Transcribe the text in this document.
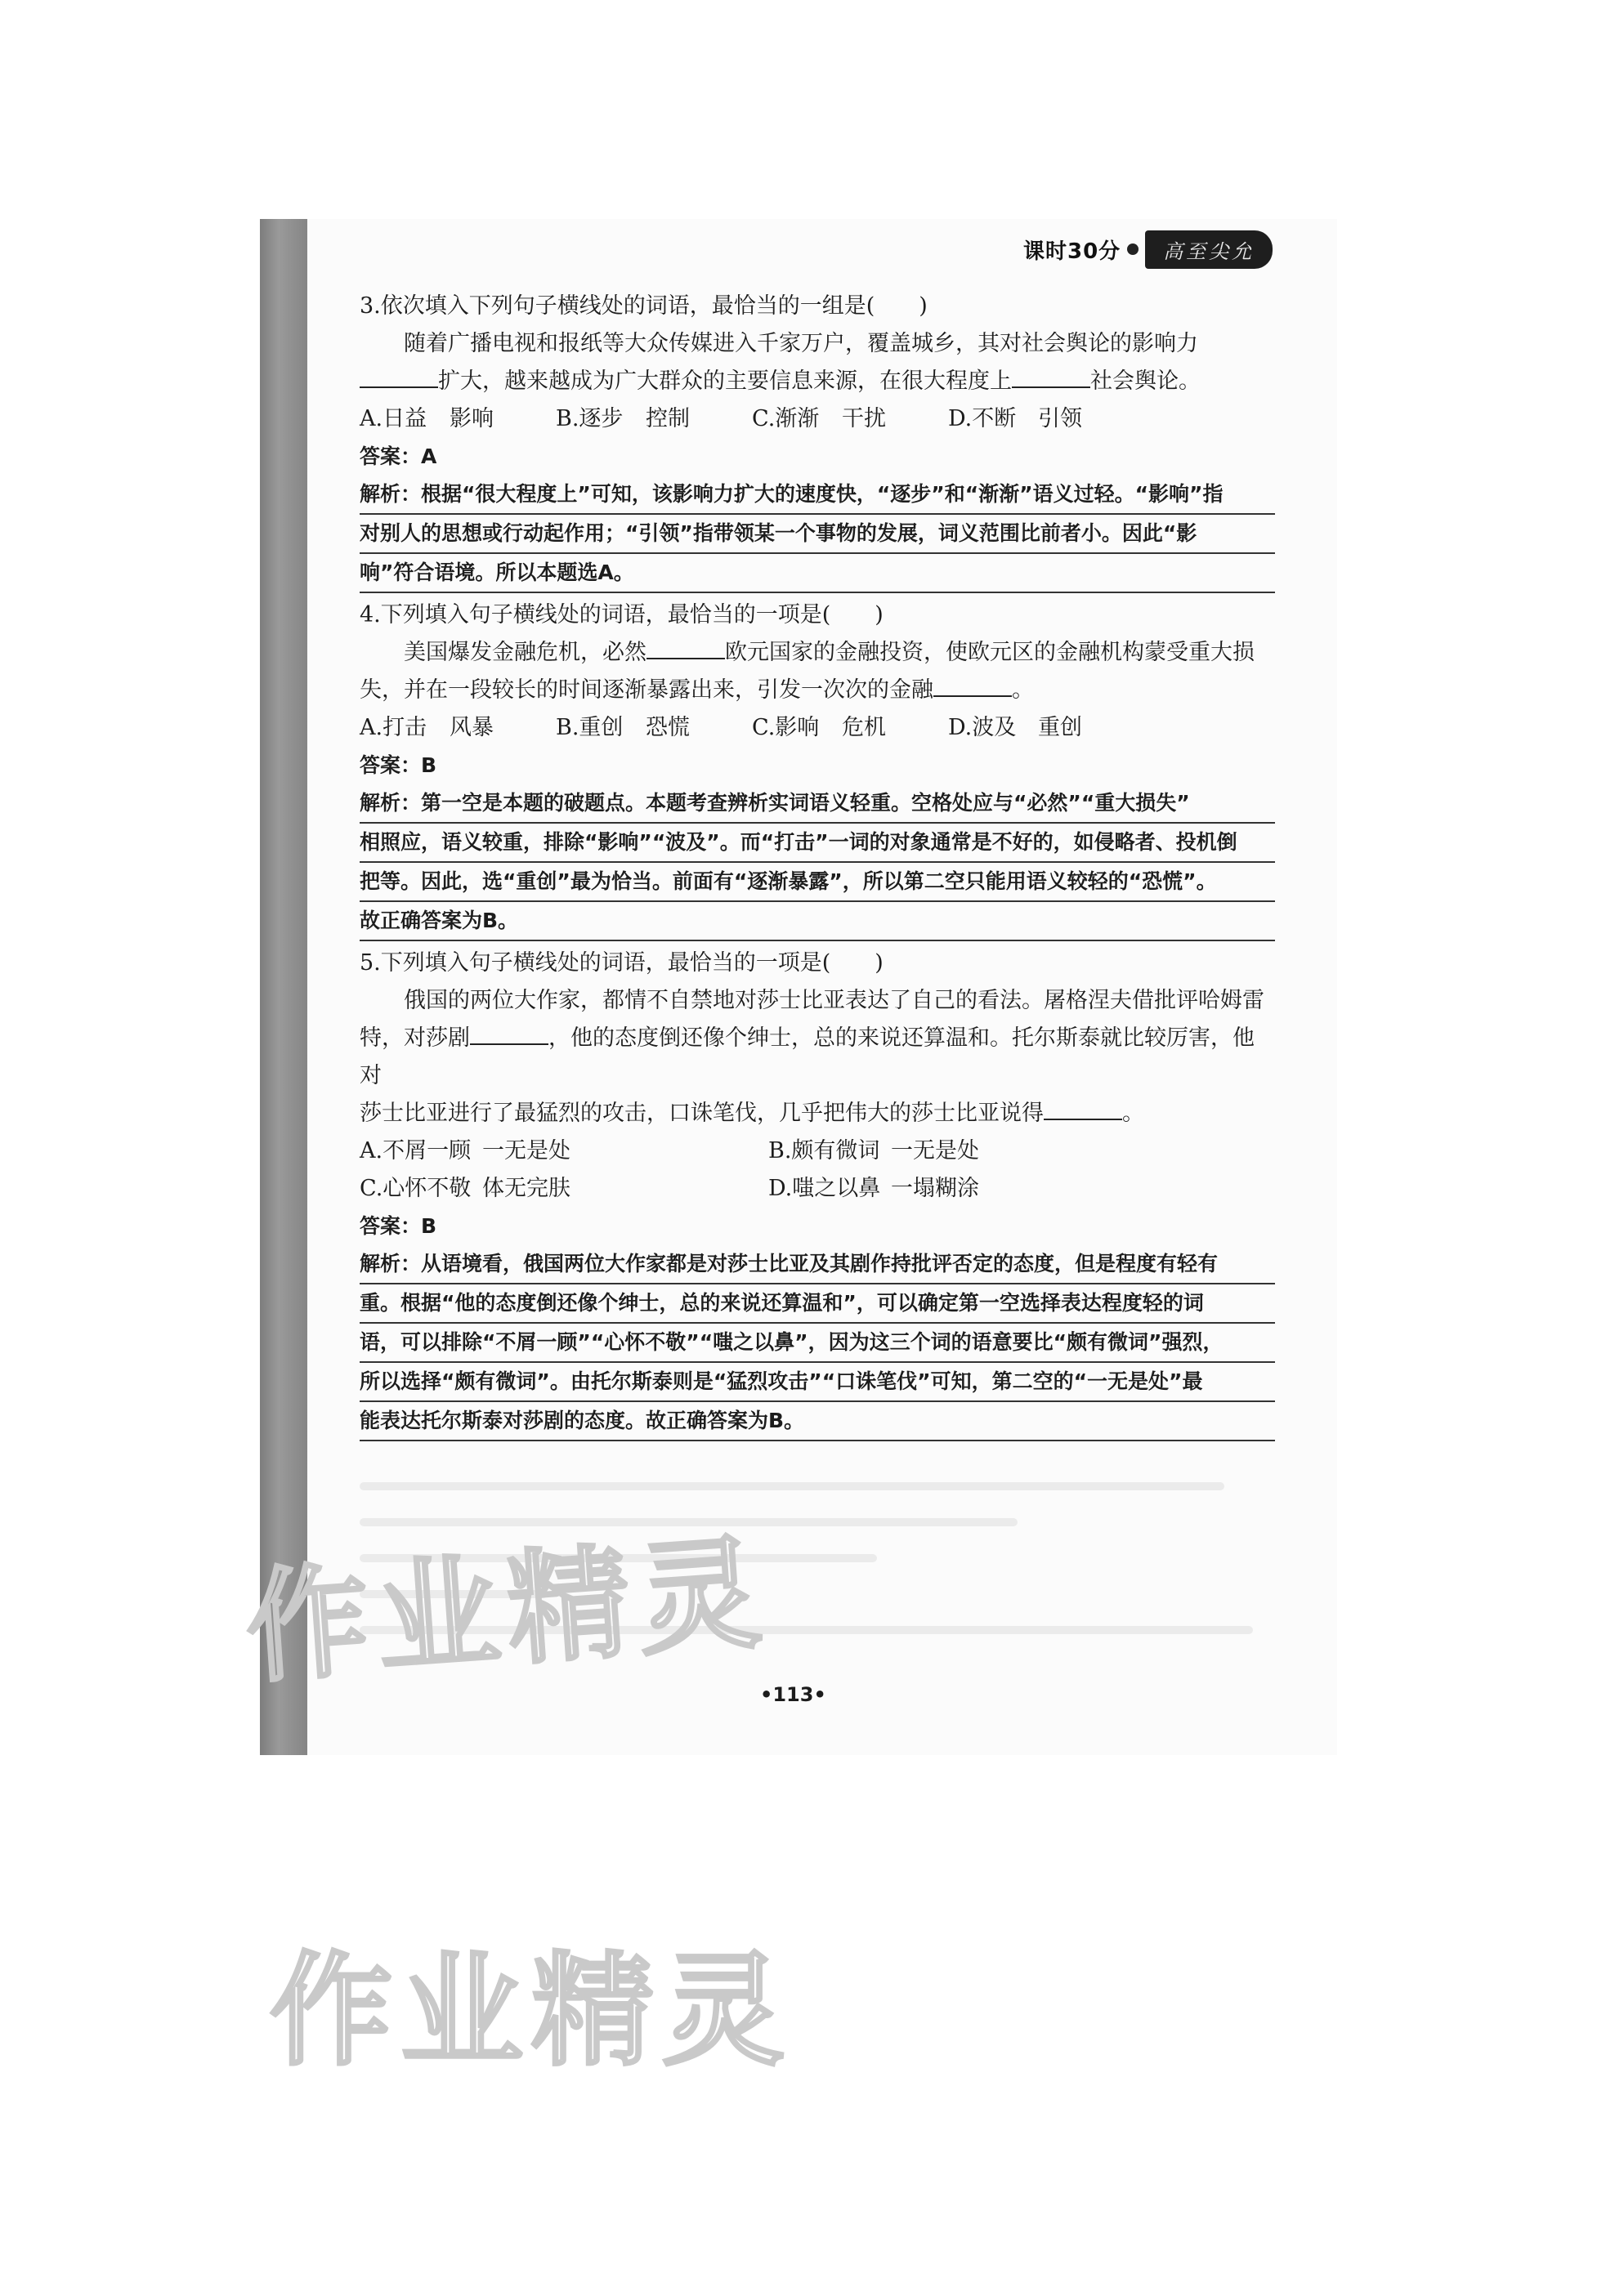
课时30分	高至尖允

3.依次填入下列句子横线处的词语，最恰当的一组是(　　)

随着广播电视和报纸等大众传媒进入千家万户，覆盖城乡，其对社会舆论的影响力

扩大，越来越成为广大群众的主要信息来源，在很大程度上	社会舆论。

A.日益 影响	B.逐步 控制	C.渐渐 干扰	D.不断 引领
答案：A
解析：根据“很大程度上”可知，该影响力扩大的速度快，“逐步”和“渐渐”语义过轻。“影响”指
对别人的思想或行动起作用；“引领”指带领某一个事物的发展，词义范围比前者小。因此“影
响”符合语境。所以本题选A。

4.下列填入句子横线处的词语，最恰当的一项是(　　)

美国爆发金融危机，必然	欧元国家的金融投资，使欧元区的金融机构蒙受重大损

失，并在一段较长的时间逐渐暴露出来，引发一次次的金融	。

A.打击 风暴	B.重创 恐慌	C.影响 危机	D.波及 重创
答案：B
解析：第一空是本题的破题点。本题考查辨析实词语义轻重。空格处应与“必然”“重大损失”
相照应，语义较重，排除“影响”“波及”。而“打击”一词的对象通常是不好的，如侵略者、投机倒
把等。因此，选“重创”最为恰当。前面有“逐渐暴露”，所以第二空只能用语义较轻的“恐慌”。
故正确答案为B。

5.下列填入句子横线处的词语，最恰当的一项是(　　)

俄国的两位大作家，都情不自禁地对莎士比亚表达了自己的看法。屠格涅夫借批评哈姆雷

特，对莎剧	，他的态度倒还像个绅士，总的来说还算温和。托尔斯泰就比较厉害，他对

莎士比亚进行了最猛烈的攻击，口诛笔伐，几乎把伟大的莎士比亚说得	。

A.不屑一顾 一无是处	B.颇有微词 一无是处
C.心怀不敬 体无完肤	D.嗤之以鼻 一塌糊涂
答案：B
解析：从语境看，俄国两位大作家都是对莎士比亚及其剧作持批评否定的态度，但是程度有轻有
重。根据“他的态度倒还像个绅士，总的来说还算温和”，可以确定第一空选择表达程度轻的词
语，可以排除“不屑一顾”“心怀不敬”“嗤之以鼻”，因为这三个词的语意要比“颇有微词”强烈，
所以选择“颇有微词”。由托尔斯泰则是“猛烈攻击”“口诛笔伐”可知，第二空的“一无是处”最
能表达托尔斯泰对莎剧的态度。故正确答案为B。
作业精灵
作业精灵
•113•
